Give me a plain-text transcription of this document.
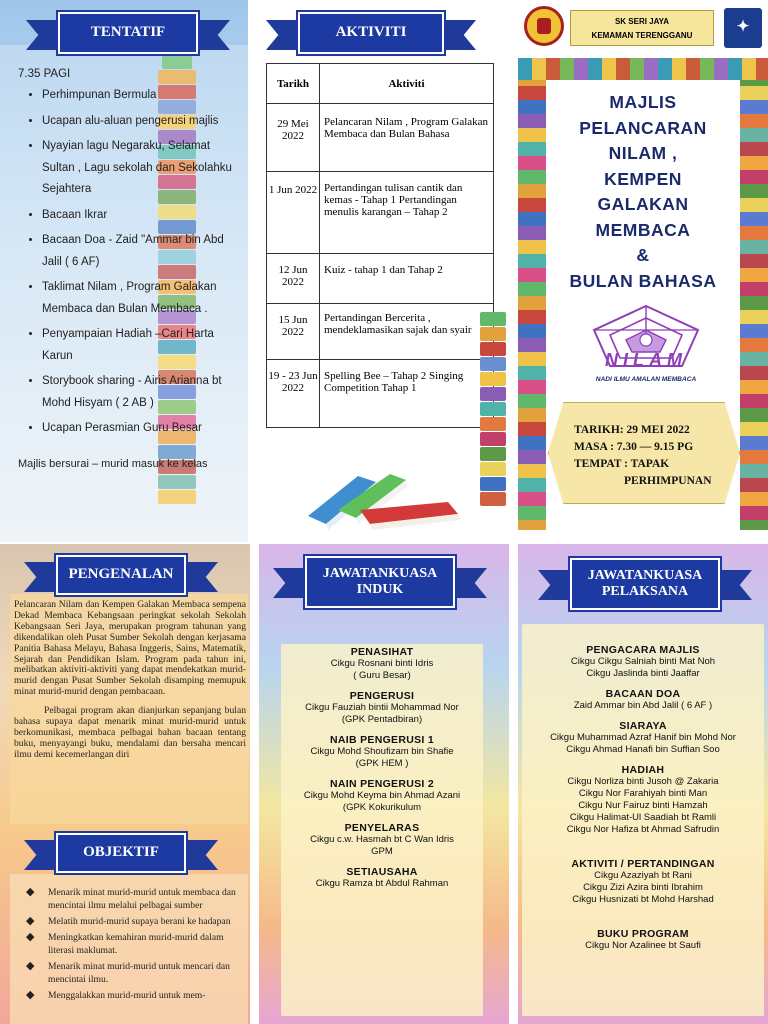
TENTATIF
7.35 PAGI
• Perhimpunan Bermula
• Ucapan alu-aluan pengerusi majlis
• Nyayian lagu Negaraku, Selamat Sultan , Lagu sekolah dan Sekolahku Sejahtera
• Bacaan Ikrar
• Bacaan Doa - Zaid "Ammar bin Abd Jalil ( 6 AF)
• Taklimat Nilam , Program Galakan Membaca dan Bulan Membaca .
• Penyampaian Hadiah –Cari Harta Karun
• Storybook sharing - Airis Arianna bt Mohd Hisyam ( 2 AB )
• Ucapan Perasmian Guru Besar
Majlis bersurai – murid masuk ke kelas
AKTIVITI
Tarikh	Aktiviti
29 Mei 2022	Pelancaran Nilam , Program Galakan Membaca dan Bulan Bahasa
1 Jun 2022	Pertandingan tulisan cantik dan kemas - Tahap 1 Pertandingan menulis karangan – Tahap 2
12 Jun 2022	Kuiz - tahap 1 dan Tahap 2
15 Jun 2022	Pertandingan Bercerita , mendeklamasikan sajak dan syair
19 - 23 Jun 2022	Spelling Bee – Tahap 2 Singing Competition Tahap 1
SK SERI JAYA
KEMAMAN TERENGGANU
✦
MAJLIS
PELANCARAN
NILAM ,
KEMPEN
GALAKAN
MEMBACA
&
BULAN BAHASA
NILAM
NADI ILMU AMALAN MEMBACA
TARIKH: 29 MEI 2022
MASA : 7.30 — 9.15 PG
TEMPAT : TAPAK
PERHIMPUNAN
PENGENALAN
Pelancaran Nilam dan Kempen Galakan Membaca sempena Dekad Membaca Kebangsaan peringkat sekolah Sekolah Kebangsaan Seri Jaya, merupakan program tahunan yang dikendalikan oleh Pusat Sumber Sekolah dengan kerjasama Panitia Bahasa Melayu, Bahasa Inggeris, Sains, Matematik, Sejarah dan Pendidikan Islam. Program pada tahun ini, melibatkan aktiviti-aktiviti yang dapat mendekatkan murid-murid dengan Pusat Sumber Sekolah disamping memupuk minat murid-murid dengan pembacaan.
Pelbagai program akan dianjurkan sepanjang bulan bahasa supaya dapat menarik minat murid-murid untuk berkomunikasi, membaca pelbagai bahan bacaan tentang buku, menyayangi buku, mendalami dan bersaha mencari ilmu demi kecemerlangan diri
OBJEKTIF
◆ Menarik minat murid-murid untuk membaca dan mencintai ilmu melalui pelbagai sumber
◆ Melatih murid-murid supaya berani ke hadapan
◆ Meningkatkan kemahiran murid-murid dalam literasi maklumat.
◆ Menarik minat murid-murid untuk mencari dan mencintai ilmu.
◆ Menggalakkan murid-murid untuk mem-
JAWATANKUASA
INDUK
PENASIHAT
Cikgu Rosnani binti Idris
( Guru Besar)
PENGERUSI
Cikgu Fauziah bintii Mohammad Nor
(GPK Pentadbiran)
NAIB PENGERUSI 1
Cikgu Mohd Shoufizam bin Shafie
(GPK HEM )
NAIN PENGERUSI 2
Cikgu Mohd Keyma bin Ahmad Azani
(GPK Kokurikulum
PENYELARAS
Cikgu c.w. Hasmah bt C Wan Idris
GPM
SETIAUSAHA
Cikgu Ramza bt Abdul Rahman
JAWATANKUASA
PELAKSANA
PENGACARA MAJLIS
Cikgu Cikgu Salniah binti Mat Noh
Cikgu Jaslinda binti Jaaffar
BACAAN DOA
Zaid Ammar bin Abd Jalil ( 6 AF )
SIARAYA
Cikgu Muhammad Azraf Hanif bin Mohd Nor
Cikgu Ahmad Hanafi bin Suffian Soo
HADIAH
Cikgu Norliza binti Jusoh @ Zakaria
Cikgu Nor Farahiyah binti Man
Cikgu Nur Fairuz binti Hamzah
Cikgu Halimat-Ul Saadiah bt Ramli
Cikgu Nor Hafiza bt Ahmad Safrudin
AKTIVITI / PERTANDINGAN
Cikgu Azaziyah bt Rani
Cikgu Zizi Azira binti Ibrahim
Cikgu Husnizati bt Mohd Harshad
BUKU PROGRAM
Cikgu Nor Azalinee bt Saufi
